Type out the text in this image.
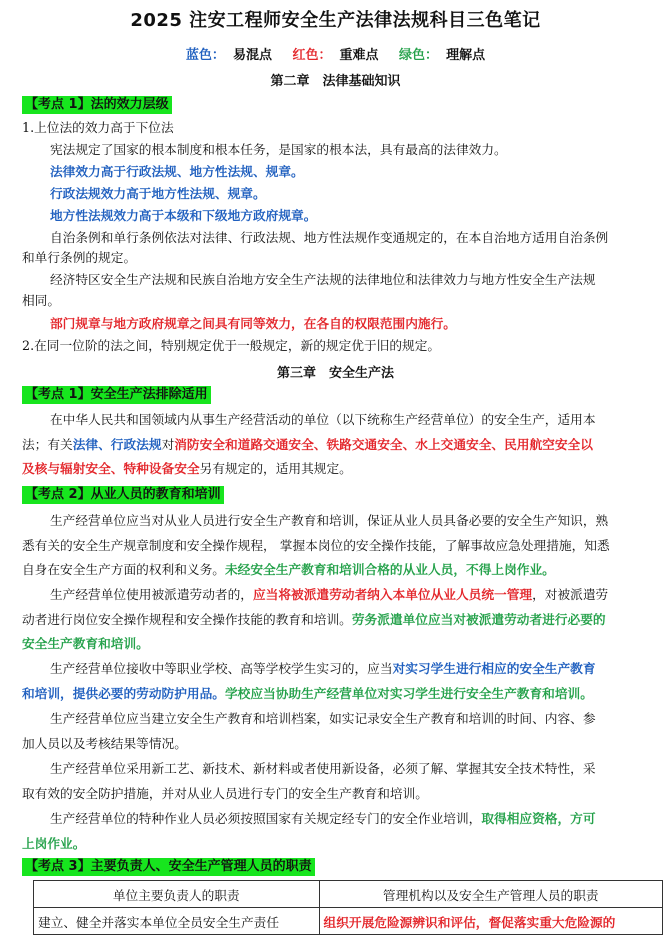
2025 注安工程师安全生产法律法规科目三色笔记
蓝色： 易混点 红色： 重难点 绿色： 理解点
第二章　法律基础知识
【考点 1】法的效力层级
1.上位法的效力高于下位法
宪法规定了国家的根本制度和根本任务，是国家的根本法，具有最高的法律效力。
法律效力高于行政法规、地方性法规、规章。
行政法规效力高于地方性法规、规章。
地方性法规效力高于本级和下级地方政府规章。
自治条例和单行条例依法对法律、行政法规、地方性法规作变通规定的，在本自治地方适用自治条例
和单行条例的规定。
经济特区安全生产法规和民族自治地方安全生产法规的法律地位和法律效力与地方性安全生产法规
相同。
部门规章与地方政府规章之间具有同等效力，在各自的权限范围内施行。
2.在同一位阶的法之间，特别规定优于一般规定，新的规定优于旧的规定。
第三章　安全生产法
【考点 1】安全生产法排除适用
在中华人民共和国领域内从事生产经营活动的单位（以下统称生产经营单位）的安全生产，适用本
法；有关法律、行政法规对消防安全和道路交通安全、铁路交通安全、水上交通安全、民用航空安全以
及核与辐射安全、特种设备安全另有规定的，适用其规定。
【考点 2】从业人员的教育和培训
生产经营单位应当对从业人员进行安全生产教育和培训，保证从业人员具备必要的安全生产知识，熟
悉有关的安全生产规章制度和安全操作规程， 掌握本岗位的安全操作技能，了解事故应急处理措施，知悉
自身在安全生产方面的权利和义务。未经安全生产教育和培训合格的从业人员，不得上岗作业。
生产经营单位使用被派遣劳动者的，应当将被派遣劳动者纳入本单位从业人员统一管理，对被派遣劳
动者进行岗位安全操作规程和安全操作技能的教育和培训。劳务派遣单位应当对被派遣劳动者进行必要的
安全生产教育和培训。
生产经营单位接收中等职业学校、高等学校学生实习的，应当对实习学生进行相应的安全生产教育
和培训，提供必要的劳动防护用品。学校应当协助生产经营单位对实习学生进行安全生产教育和培训。
生产经营单位应当建立安全生产教育和培训档案，如实记录安全生产教育和培训的时间、内容、参
加人员以及考核结果等情况。
生产经营单位采用新工艺、新技术、新材料或者使用新设备，必须了解、掌握其安全技术特性，采
取有效的安全防护措施，并对从业人员进行专门的安全生产教育和培训。
生产经营单位的特种作业人员必须按照国家有关规定经专门的安全作业培训，取得相应资格，方可
上岗作业。
【考点 3】主要负责人、安全生产管理人员的职责
单位主要负责人的职责	管理机构以及安全生产管理人员的职责
建立、健全并落实本单位全员安全生产责任	组织开展危险源辨识和评估，督促落实重大危险源的
